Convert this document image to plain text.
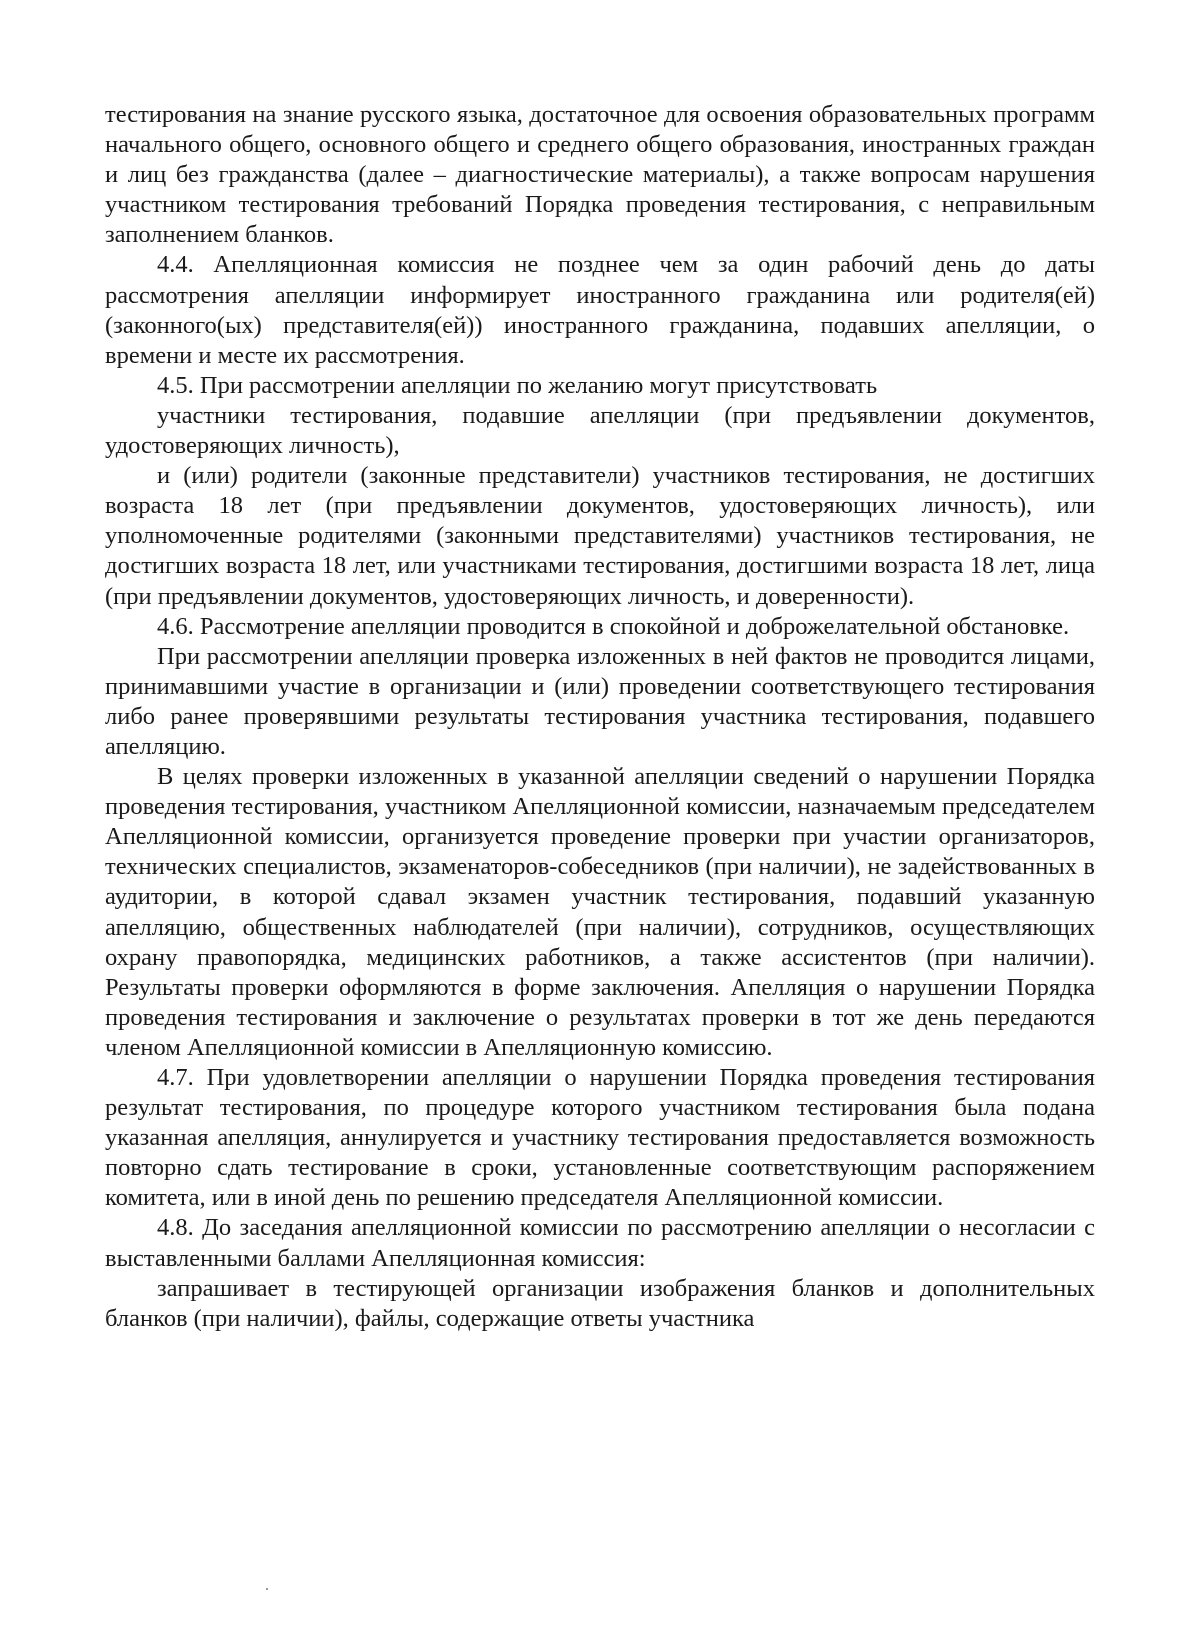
тестирования на знание русского языка, достаточное для освоения образовательных программ начального общего, основного общего и среднего общего образования, иностранных граждан и лиц без гражданства (далее – диагностические материалы), а также вопросам нарушения участником тестирования требований Порядка проведения тестирования, с неправильным заполнением бланков.

4.4. Апелляционная комиссия не позднее чем за один рабочий день до даты рассмотрения апелляции информирует иностранного гражданина или родителя(ей) (законного(ых) представителя(ей)) иностранного гражданина, подавших апелляции, о времени и месте их рассмотрения.

4.5. При рассмотрении апелляции по желанию могут присутствовать

участники тестирования, подавшие апелляции (при предъявлении документов, удостоверяющих личность),

и (или) родители (законные представители) участников тестирования, не достигших возраста 18 лет (при предъявлении документов, удостоверяющих личность), или уполномоченные родителями (законными представителями) участников тестирования, не достигших возраста 18 лет, или участниками тестирования, достигшими возраста 18 лет, лица (при предъявлении документов, удостоверяющих личность, и доверенности).

4.6. Рассмотрение апелляции проводится в спокойной и доброжелательной обстановке.

При рассмотрении апелляции проверка изложенных в ней фактов не проводится лицами, принимавшими участие в организации и (или) проведении соответствующего тестирования либо ранее проверявшими результаты тестирования участника тестирования, подавшего апелляцию.

В целях проверки изложенных в указанной апелляции сведений о нарушении Порядка проведения тестирования, участником Апелляционной комиссии, назначаемым председателем Апелляционной комиссии, организуется проведение проверки при участии организаторов, технических специалистов, экзаменаторов-собеседников (при наличии), не задействованных в аудитории, в которой сдавал экзамен участник тестирования, подавший указанную апелляцию, общественных наблюдателей (при наличии), сотрудников, осуществляющих охрану правопорядка, медицинских работников, а также ассистентов (при наличии). Результаты проверки оформляются в форме заключения. Апелляция о нарушении Порядка проведения тестирования и заключение о результатах проверки в тот же день передаются членом Апелляционной комиссии в Апелляционную комиссию.

4.7. При удовлетворении апелляции о нарушении Порядка проведения тестирования результат тестирования, по процедуре которого участником тестирования была подана указанная апелляция, аннулируется и участнику тестирования предоставляется возможность повторно сдать тестирование в сроки, установленные соответствующим распоряжением комитета, или в иной день по решению председателя Апелляционной комиссии.

4.8. До заседания апелляционной комиссии по рассмотрению апелляции о несогласии с выставленными баллами Апелляционная комиссия:

запрашивает в тестирующей организации изображения бланков и дополнительных бланков (при наличии), файлы, содержащие ответы участника
